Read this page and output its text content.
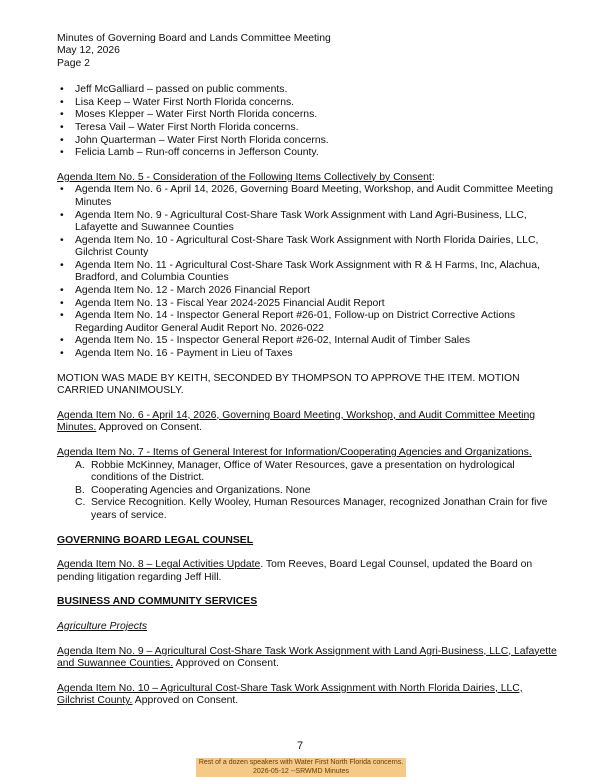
Minutes of Governing Board and Lands Committee Meeting
May 12, 2026
Page 2
• Jeff McGalliard – passed on public comments.
• Lisa Keep – Water First North Florida concerns.
• Moses Klepper – Water First North Florida concerns.
• Teresa Vail – Water First North Florida concerns.
• John Quarterman – Water First North Florida concerns.
• Felicia Lamb – Run-off concerns in Jefferson County.
Agenda Item No. 5 - Consideration of the Following Items Collectively by Consent:
• Agenda Item No. 6 - April 14, 2026, Governing Board Meeting, Workshop, and Audit Committee Meeting Minutes
• Agenda Item No. 9 - Agricultural Cost-Share Task Work Assignment with Land Agri-Business, LLC, Lafayette and Suwannee Counties
• Agenda Item No. 10 - Agricultural Cost-Share Task Work Assignment with North Florida Dairies, LLC, Gilchrist County
• Agenda Item No. 11 - Agricultural Cost-Share Task Work Assignment with R & H Farms, Inc, Alachua, Bradford, and Columbia Counties
• Agenda Item No. 12 - March 2026 Financial Report
• Agenda Item No. 13 - Fiscal Year 2024-2025 Financial Audit Report
• Agenda Item No. 14 - Inspector General Report #26-01, Follow-up on District Corrective Actions Regarding Auditor General Audit Report No. 2026-022
• Agenda Item No. 15 - Inspector General Report #26-02, Internal Audit of Timber Sales
• Agenda Item No. 16 - Payment in Lieu of Taxes
MOTION WAS MADE BY KEITH, SECONDED BY THOMPSON TO APPROVE THE ITEM. MOTION CARRIED UNANIMOUSLY.
Agenda Item No. 6 - April 14, 2026, Governing Board Meeting, Workshop, and Audit Committee Meeting Minutes. Approved on Consent.
Agenda Item No. 7 - Items of General Interest for Information/Cooperating Agencies and Organizations.
A. Robbie McKinney, Manager, Office of Water Resources, gave a presentation on hydrological conditions of the District.
B. Cooperating Agencies and Organizations. None
C. Service Recognition. Kelly Wooley, Human Resources Manager, recognized Jonathan Crain for five years of service.
GOVERNING BOARD LEGAL COUNSEL
Agenda Item No. 8 – Legal Activities Update. Tom Reeves, Board Legal Counsel, updated the Board on pending litigation regarding Jeff Hill.
BUSINESS AND COMMUNITY SERVICES
Agriculture Projects
Agenda Item No. 9 – Agricultural Cost-Share Task Work Assignment with Land Agri-Business, LLC, Lafayette and Suwannee Counties. Approved on Consent.
Agenda Item No. 10 – Agricultural Cost-Share Task Work Assignment with North Florida Dairies, LLC, Gilchrist County. Approved on Consent.
7
Rest of a dozen speakers with Water First North Florida concerns.
2026-05-12 --SRWMD Minutes
